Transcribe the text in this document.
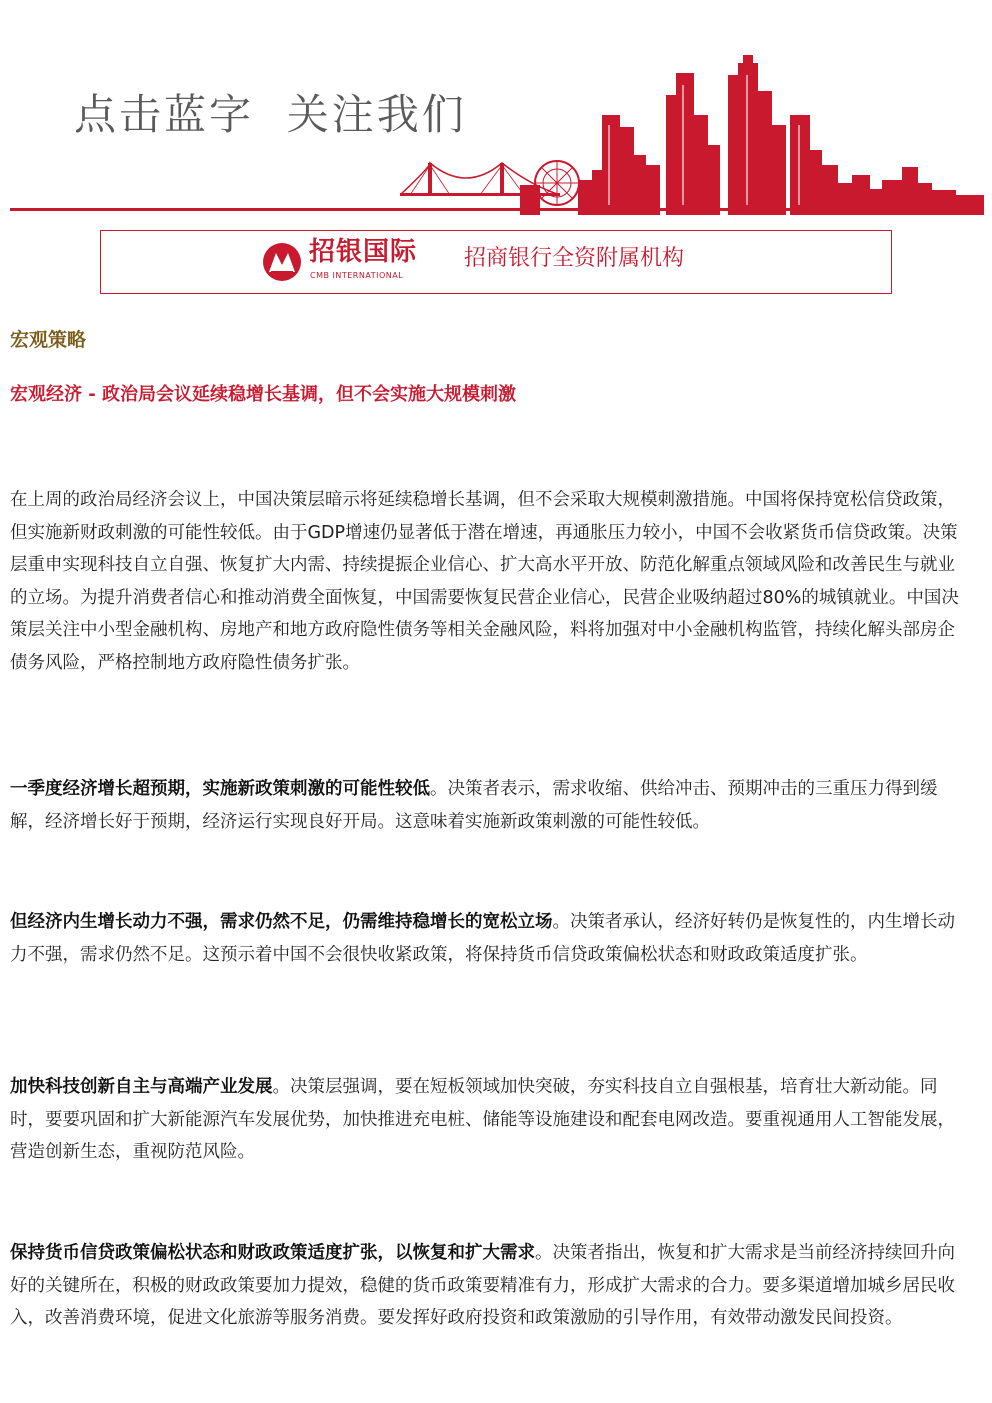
点击蓝字  关注我们
招银国际
CMB INTERNATIONAL
招商银行全资附属机构
宏观策略
宏观经济 - 政治局会议延续稳增长基调，但不会实施大规模刺激

在上周的政治局经济会议上，中国决策层暗示将延续稳增长基调，但不会采取大规模刺激措施。中国将保持宽松信贷政策，但实施新财政刺激的可能性较低。由于GDP增速仍显著低于潜在增速，再通胀压力较小，中国不会收紧货币信贷政策。决策层重申实现科技自立自强、恢复扩大内需、持续提振企业信心、扩大高水平开放、防范化解重点领域风险和改善民生与就业的立场。为提升消费者信心和推动消费全面恢复，中国需要恢复民营企业信心，民营企业吸纳超过80%的城镇就业。中国决策层关注中小型金融机构、房地产和地方政府隐性债务等相关金融风险，料将加强对中小金融机构监管，持续化解头部房企债务风险，严格控制地方政府隐性债务扩张。

一季度经济增长超预期，实施新政策刺激的可能性较低。决策者表示，需求收缩、供给冲击、预期冲击的三重压力得到缓解，经济增长好于预期，经济运行实现良好开局。这意味着实施新政策刺激的可能性较低。

但经济内生增长动力不强，需求仍然不足，仍需维持稳增长的宽松立场。决策者承认，经济好转仍是恢复性的，内生增长动力不强，需求仍然不足。这预示着中国不会很快收紧政策，将保持货币信贷政策偏松状态和财政政策适度扩张。

加快科技创新自主与高端产业发展。决策层强调，要在短板领域加快突破，夯实科技自立自强根基，培育壮大新动能。同时，要要巩固和扩大新能源汽车发展优势，加快推进充电桩、储能等设施建设和配套电网改造。要重视通用人工智能发展，营造创新生态，重视防范风险。

保持货币信贷政策偏松状态和财政政策适度扩张，以恢复和扩大需求。决策者指出，恢复和扩大需求是当前经济持续回升向好的关键所在，积极的财政政策要加力提效，稳健的货币政策要精准有力，形成扩大需求的合力。要多渠道增加城乡居民收入，改善消费环境，促进文化旅游等服务消费。要发挥好政府投资和政策激励的引导作用，有效带动激发民间投资。
